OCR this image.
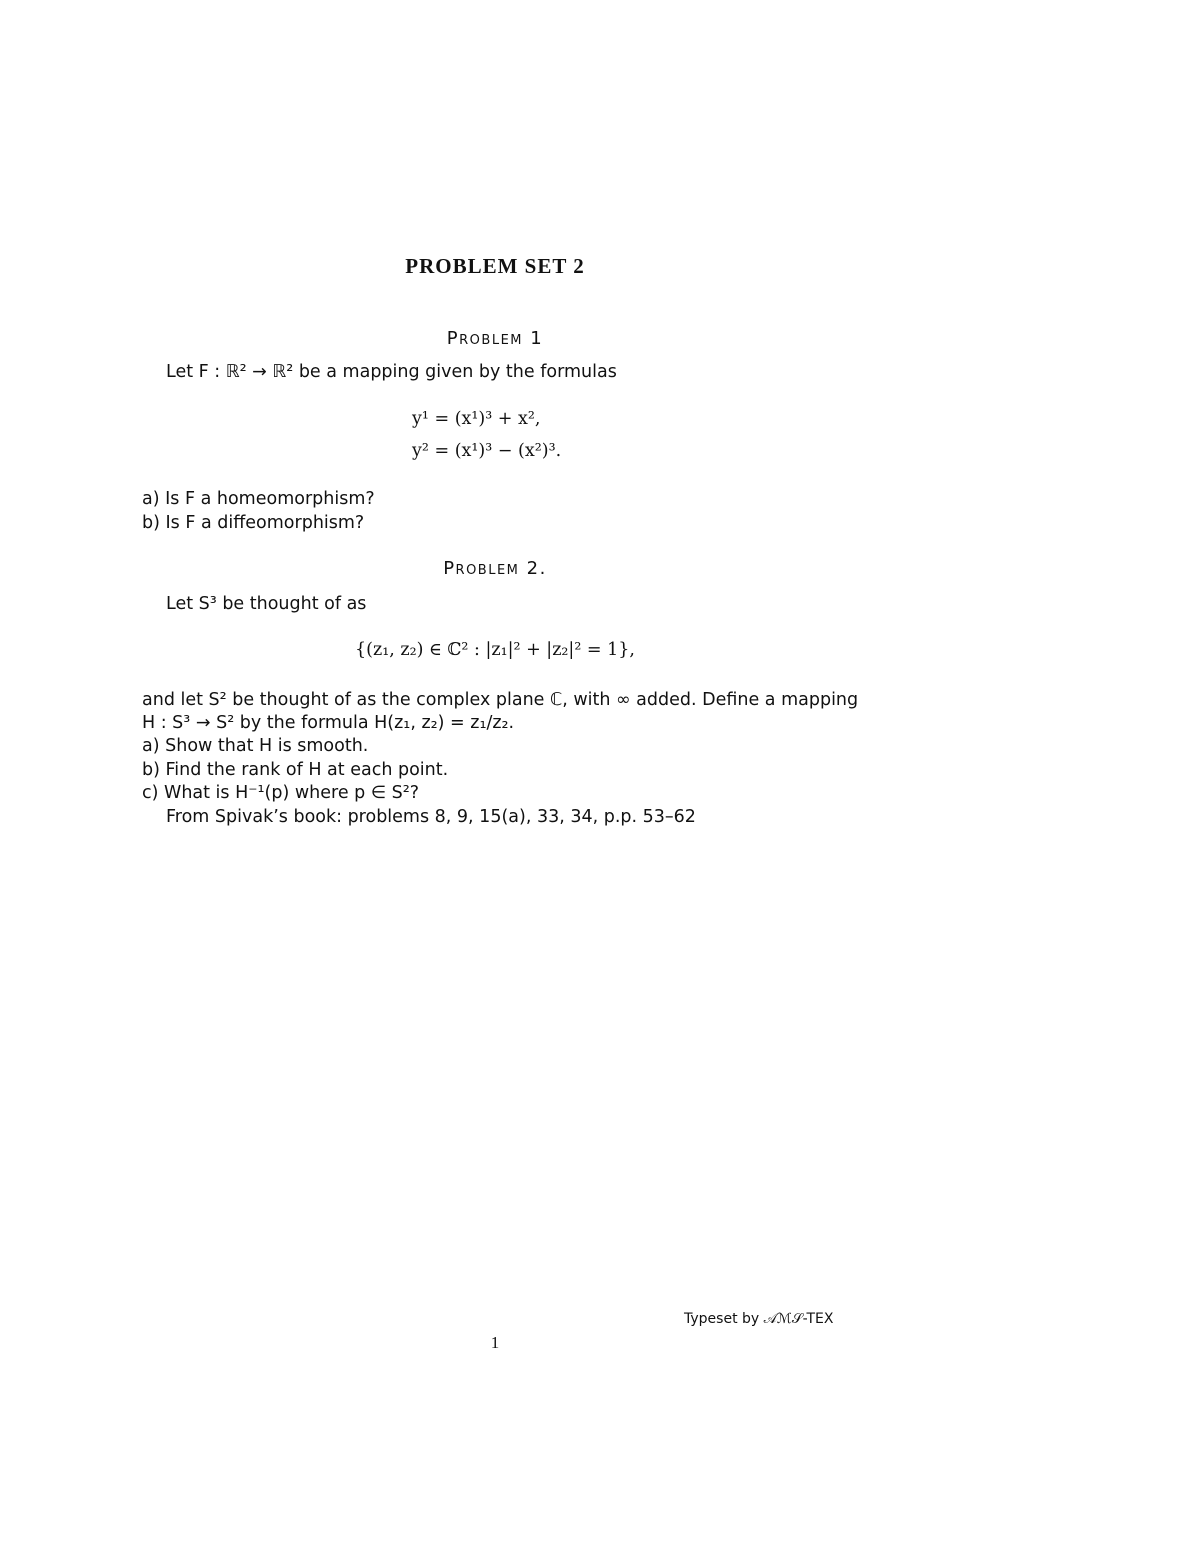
PROBLEM SET 2
Problem 1
Let F : ℝ² → ℝ² be a mapping given by the formulas
y¹ = (x¹)³ + x²,
y² = (x¹)³ − (x²)³.
a) Is F a homeomorphism?
b) Is F a diffeomorphism?
Problem 2.
Let S³ be thought of as
{(z₁, z₂) ∈ ℂ² : |z₁|² + |z₂|² = 1},
and let S² be thought of as the complex plane ℂ, with ∞ added. Define a mapping
H : S³ → S² by the formula H(z₁, z₂) = z₁/z₂.
a) Show that H is smooth.
b) Find the rank of H at each point.
c) What is H⁻¹(p) where p ∈ S²?
From Spivak’s book: problems 8, 9, 15(a), 33, 34, p.p. 53–62
Typeset by 𝒜ℳ𝒮-TEX
1
